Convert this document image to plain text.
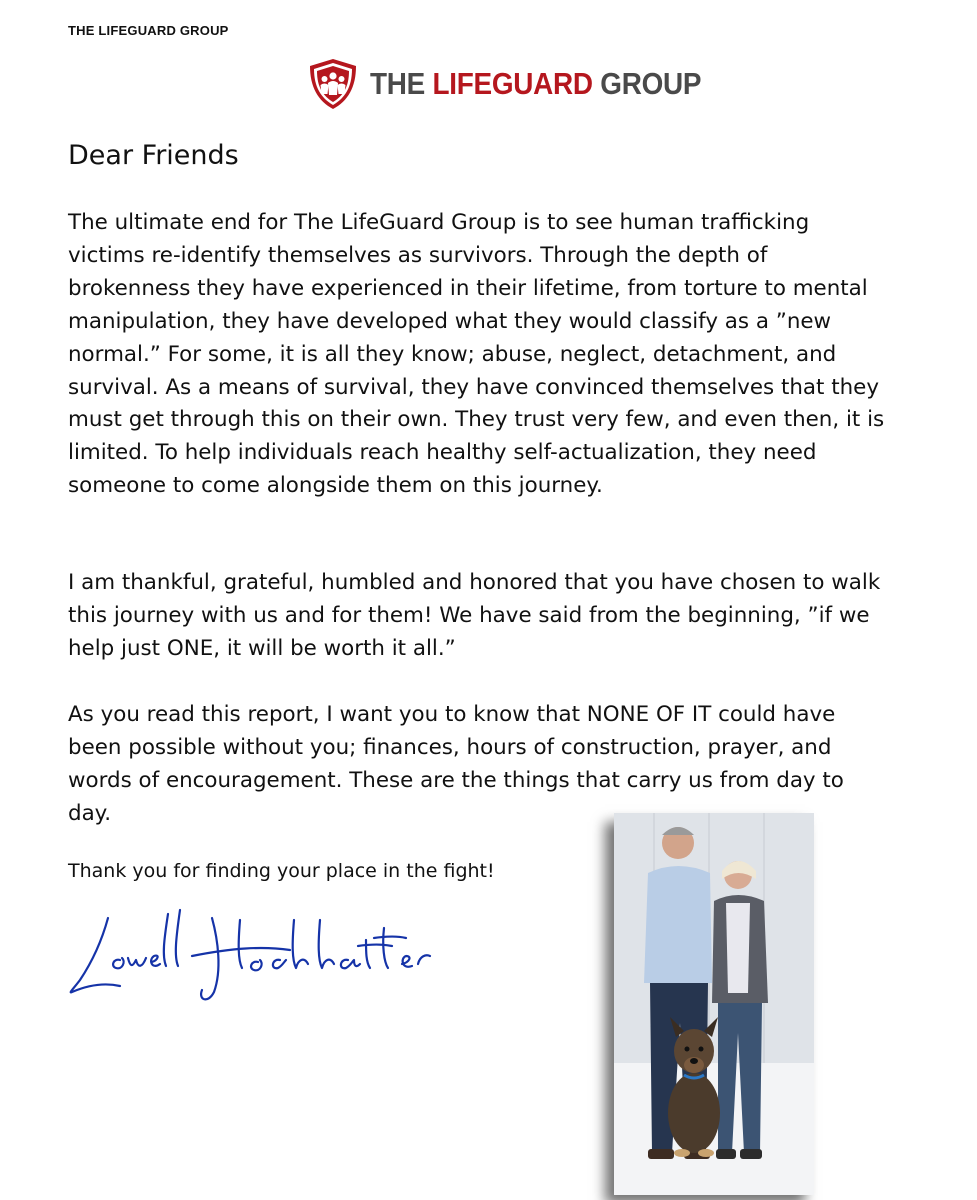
THE LIFEGUARD GROUP
THE LIFEGUARD GROUP
Dear Friends

The ultimate end for The LifeGuard Group is to see human trafficking victims re-identify themselves as survivors. Through the depth of brokenness they have experienced in their lifetime, from torture to mental manipulation, they have developed what they would classify as a ”new normal.” For some, it is all they know; abuse, neglect, detachment, and survival. As a means of survival, they have convinced themselves that they must get through this on their own. They trust very few, and even then, it is limited. To help individuals reach healthy self-actualization, they need someone to come alongside them on this journey.

I am thankful, grateful, humbled and honored that you have chosen to walk this journey with us and for them! We have said from the beginning, ”if we help just ONE, it will be worth it all.”

As you read this report, I want you to know that NONE OF IT could have been possible without you; finances, hours of construction, prayer, and words of encouragement. These are the things that carry us from day to day.

Thank you for finding your place in the fight!
